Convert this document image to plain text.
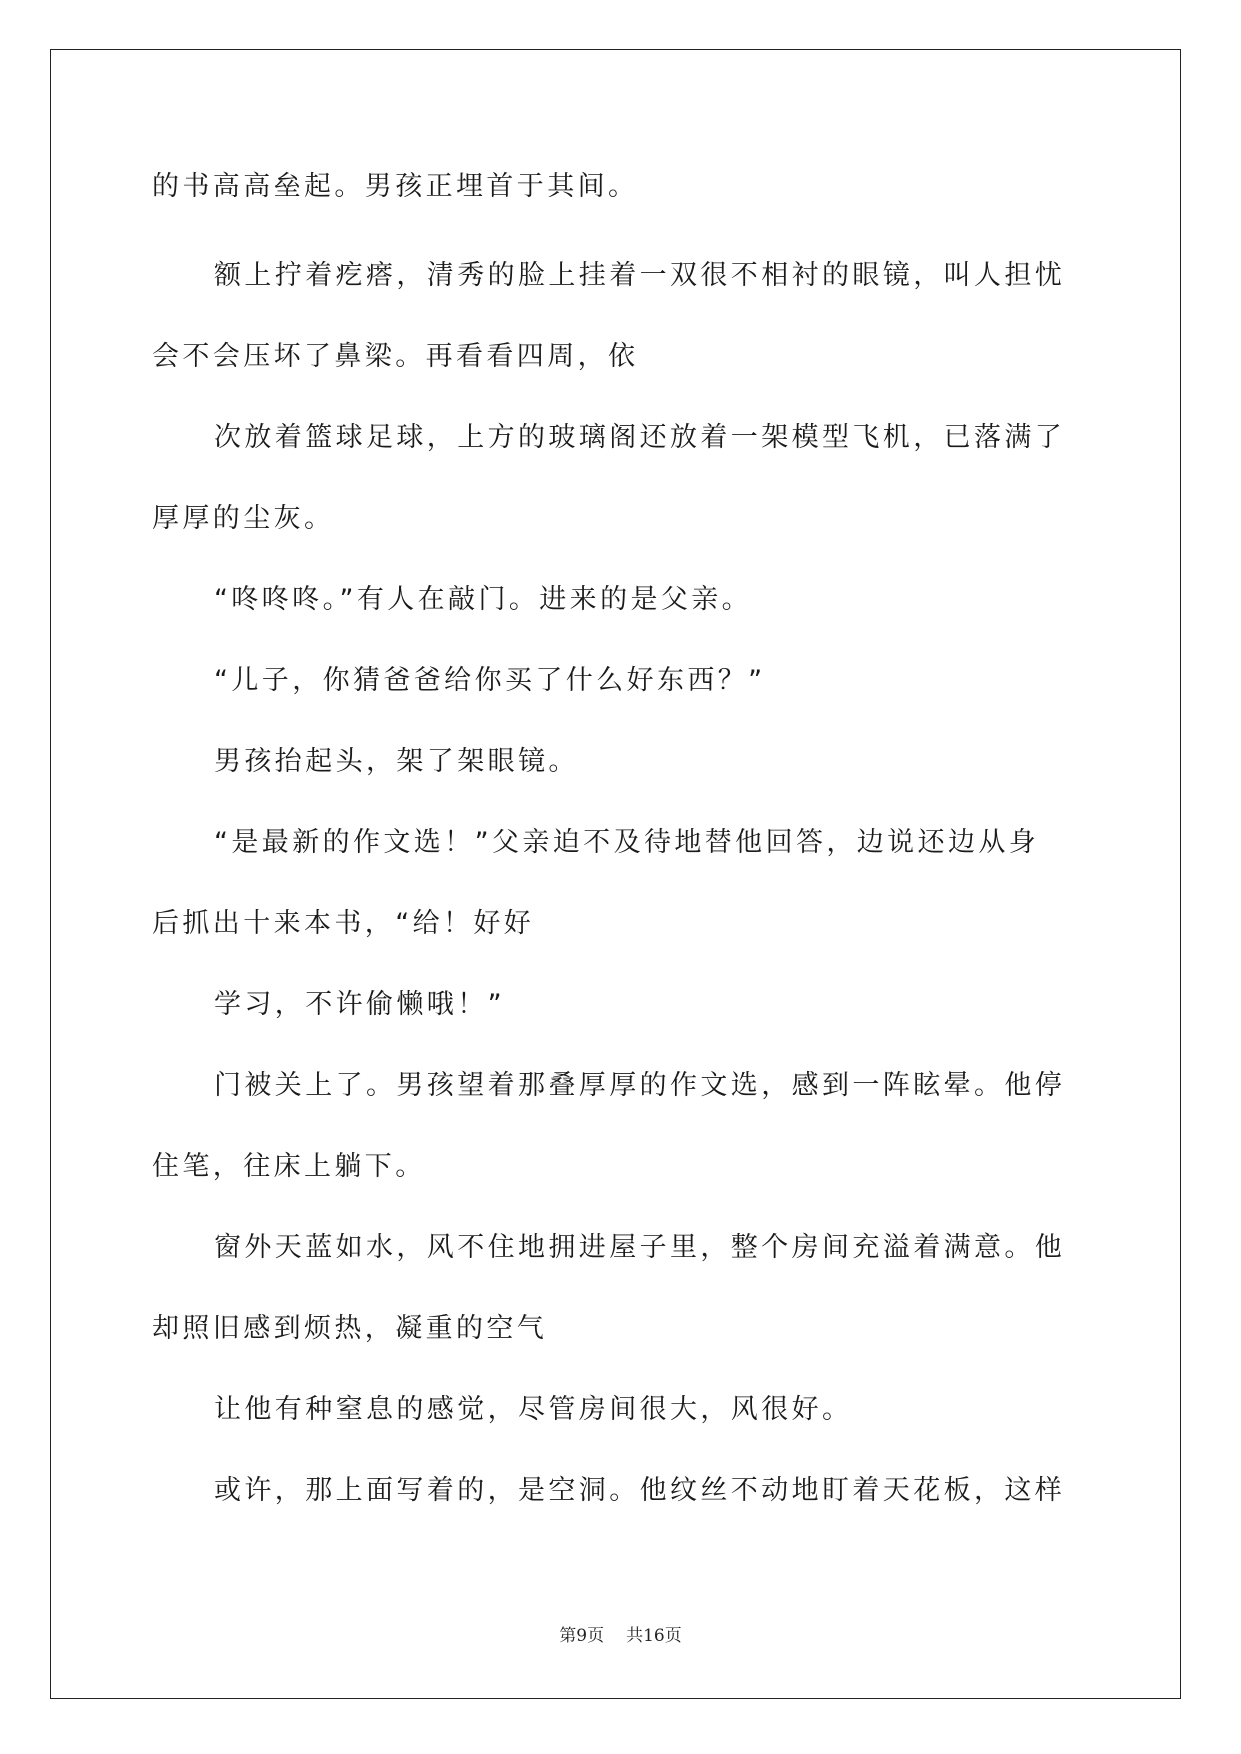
的书高高垒起。男孩正埋首于其间。
额上拧着疙瘩，清秀的脸上挂着一双很不相衬的眼镜，叫人担忧
会不会压坏了鼻梁。再看看四周，依
次放着篮球足球，上方的玻璃阁还放着一架模型飞机，已落满了
厚厚的尘灰。
“咚咚咚。”有人在敲门。进来的是父亲。
“儿子，你猜爸爸给你买了什么好东西？”
男孩抬起头，架了架眼镜。
“是最新的作文选！”父亲迫不及待地替他回答，边说还边从身
后抓出十来本书，“给！好好
学习，不许偷懒哦！”
门被关上了。男孩望着那叠厚厚的作文选，感到一阵眩晕。他停
住笔，往床上躺下。
窗外天蓝如水，风不住地拥进屋子里，整个房间充溢着满意。他
却照旧感到烦热，凝重的空气
让他有种窒息的感觉，尽管房间很大，风很好。
或许，那上面写着的，是空洞。他纹丝不动地盯着天花板，这样
第9页 共16页
